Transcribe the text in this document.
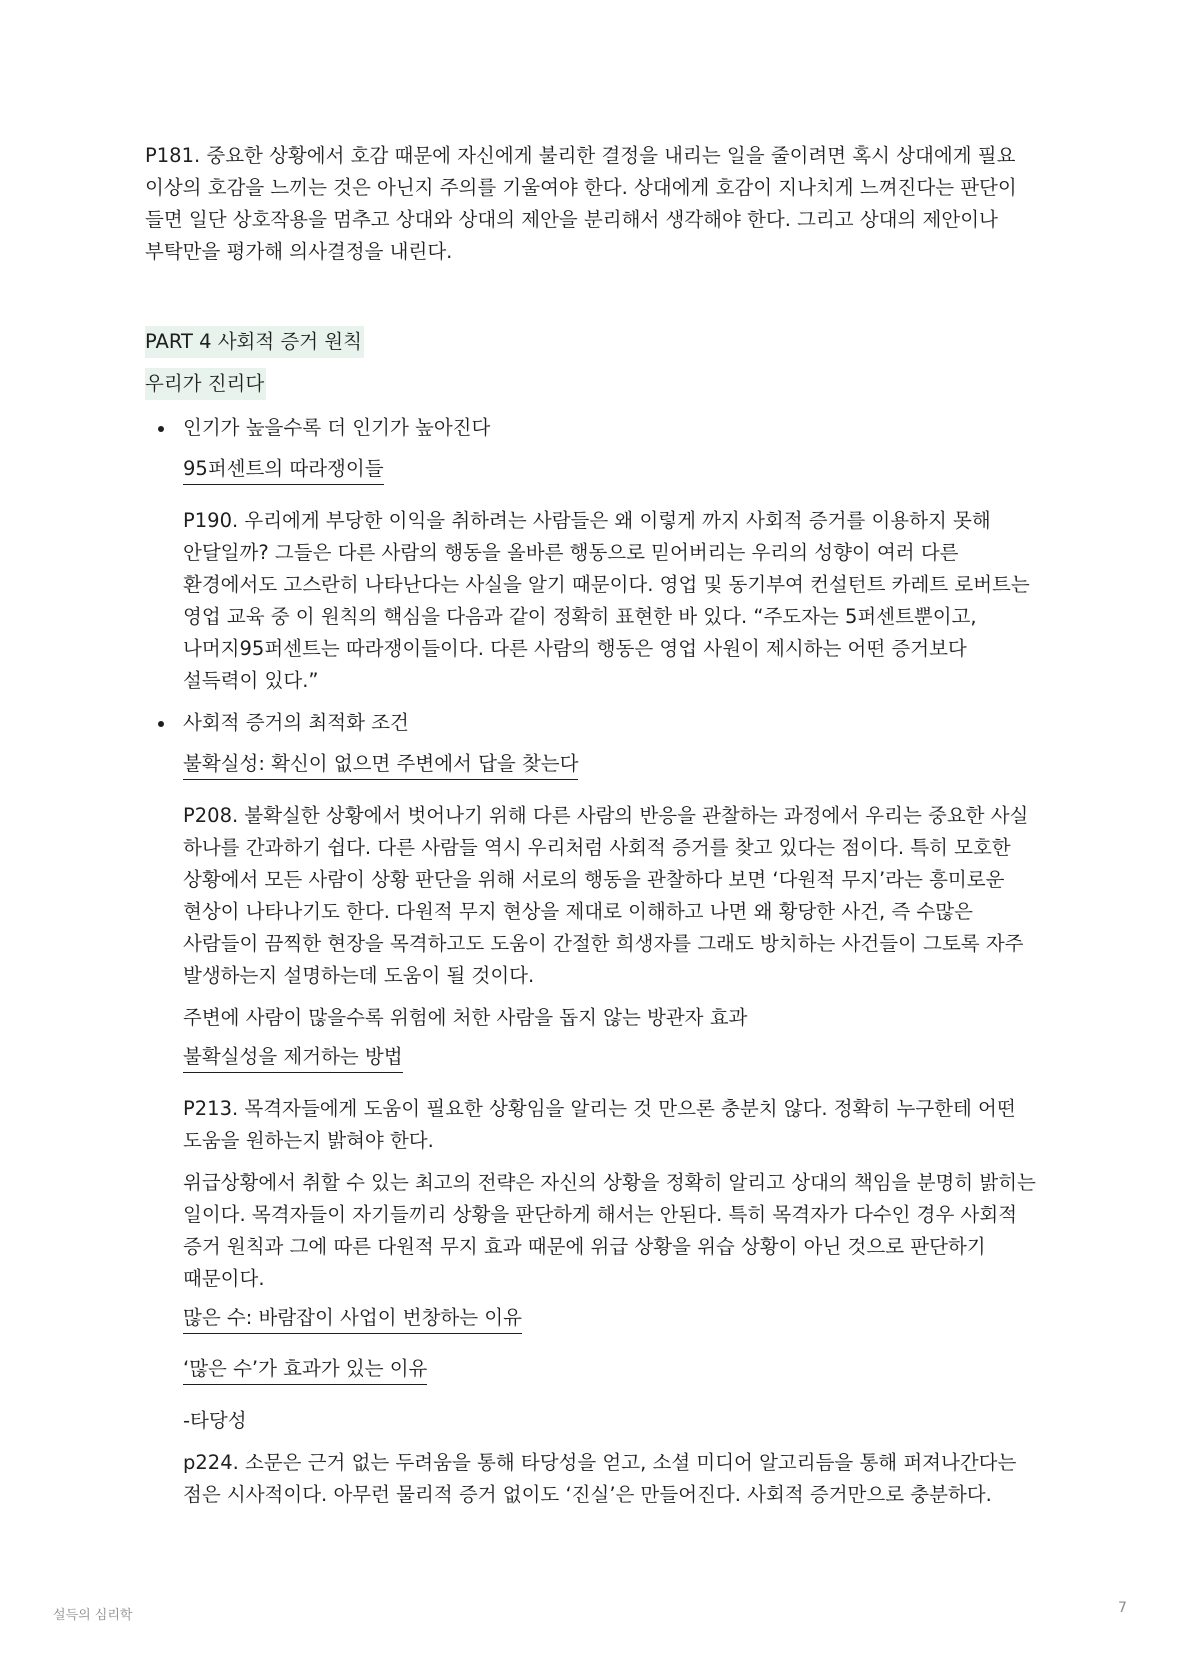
P181. 중요한 상황에서 호감 때문에 자신에게 불리한 결정을 내리는 일을 줄이려면 혹시 상대에게 필요 이상의 호감을 느끼는 것은 아닌지 주의를 기울여야 한다. 상대에게 호감이 지나치게 느껴진다는 판단이 들면 일단 상호작용을 멈추고 상대와 상대의 제안을 분리해서 생각해야 한다. 그리고 상대의 제안이나 부탁만을 평가해 의사결정을 내린다.

PART 4 사회적 증거 원칙
우리가 진리다
인기가 높을수록 더 인기가 높아진다
95퍼센트의 따라쟁이들

P190. 우리에게 부당한 이익을 취하려는 사람들은 왜 이렇게 까지 사회적 증거를 이용하지 못해 안달일까? 그들은 다른 사람의 행동을 올바른 행동으로 믿어버리는 우리의 성향이 여러 다른 환경에서도 고스란히 나타난다는 사실을 알기 때문이다. 영업 및 동기부여 컨설턴트 카레트 로버트는 영업 교육 중 이 원칙의 핵심을 다음과 같이 정확히 표현한 바 있다. “주도자는 5퍼센트뿐이고, 나머지95퍼센트는 따라쟁이들이다. 다른 사람의 행동은 영업 사원이 제시하는 어떤 증거보다 설득력이 있다.”

사회적 증거의 최적화 조건
불확실성: 확신이 없으면 주변에서 답을 찾는다

P208. 불확실한 상황에서 벗어나기 위해 다른 사람의 반응을 관찰하는 과정에서 우리는 중요한 사실 하나를 간과하기 쉽다. 다른 사람들 역시 우리처럼 사회적 증거를 찾고 있다는 점이다. 특히 모호한 상황에서 모든 사람이 상황 판단을 위해 서로의 행동을 관찰하다 보면 ‘다원적 무지’라는 흥미로운 현상이 나타나기도 한다. 다원적 무지 현상을 제대로 이해하고 나면 왜 황당한 사건, 즉 수많은 사람들이 끔찍한 현장을 목격하고도 도움이 간절한 희생자를 그래도 방치하는 사건들이 그토록 자주 발생하는지 설명하는데 도움이 될 것이다.

주변에 사람이 많을수록 위험에 처한 사람을 돕지 않는 방관자 효과

불확실성을 제거하는 방법

P213. 목격자들에게 도움이 필요한 상황임을 알리는 것 만으론 충분치 않다. 정확히 누구한테 어떤 도움을 원하는지 밝혀야 한다.

위급상황에서 취할 수 있는 최고의 전략은 자신의 상황을 정확히 알리고 상대의 책임을 분명히 밝히는 일이다. 목격자들이 자기들끼리 상황을 판단하게 해서는 안된다. 특히 목격자가 다수인 경우 사회적 증거 원칙과 그에 따른 다원적 무지 효과 때문에 위급 상황을 위습 상황이 아닌 것으로 판단하기 때문이다.

많은 수: 바람잡이 사업이 번창하는 이유
‘많은 수’가 효과가 있는 이유

-타당성

p224. 소문은 근거 없는 두려움을 통해 타당성을 얻고, 소셜 미디어 알고리듬을 통해 퍼져나간다는 점은 시사적이다. 아무런 물리적 증거 없이도 ‘진실’은 만들어진다. 사회적 증거만으로 충분하다.

설득의 심리학	7
